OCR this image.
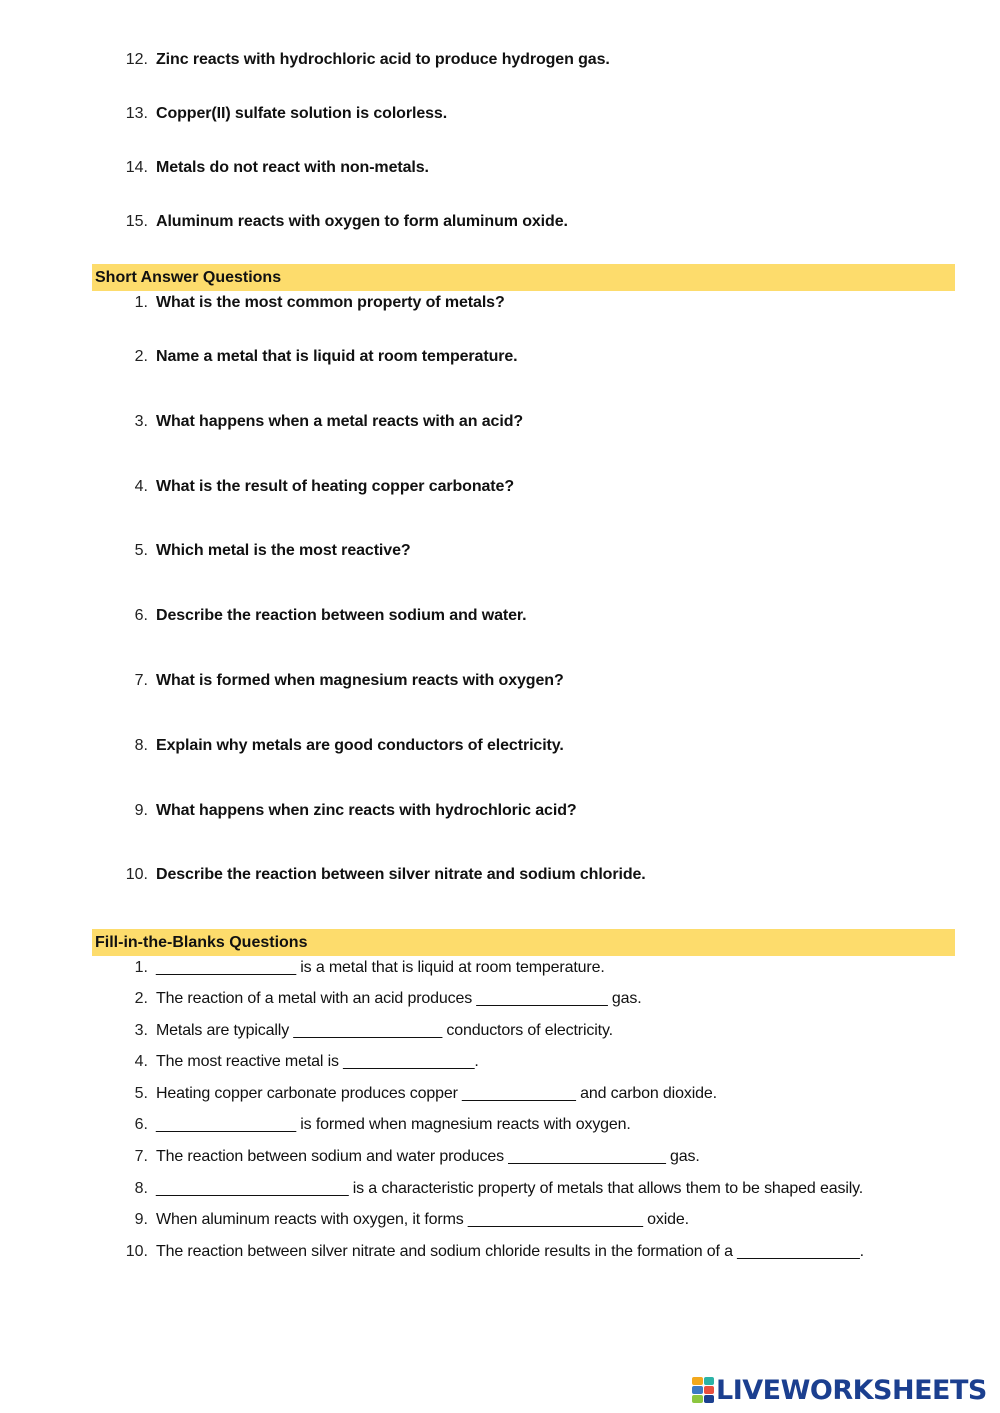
12. Zinc reacts with hydrochloric acid to produce hydrogen gas.
13. Copper(II) sulfate solution is colorless.
14. Metals do not react with non-metals.
15. Aluminum reacts with oxygen to form aluminum oxide.
Short Answer Questions
1. What is the most common property of metals?
2. Name a metal that is liquid at room temperature.
3. What happens when a metal reacts with an acid?
4. What is the result of heating copper carbonate?
5. Which metal is the most reactive?
6. Describe the reaction between sodium and water.
7. What is formed when magnesium reacts with oxygen?
8. Explain why metals are good conductors of electricity.
9. What happens when zinc reacts with hydrochloric acid?
10. Describe the reaction between silver nitrate and sodium chloride.
Fill-in-the-Blanks Questions
1. ________________ is a metal that is liquid at room temperature.
2. The reaction of a metal with an acid produces _______________ gas.
3. Metals are typically _________________ conductors of electricity.
4. The most reactive metal is _______________.
5. Heating copper carbonate produces copper _____________ and carbon dioxide.
6. ________________ is formed when magnesium reacts with oxygen.
7. The reaction between sodium and water produces __________________ gas.
8. ______________________ is a characteristic property of metals that allows them to be shaped easily.
9. When aluminum reacts with oxygen, it forms ____________________ oxide.
10. The reaction between silver nitrate and sodium chloride results in the formation of a ______________.
LIVEWORKSHEETS
